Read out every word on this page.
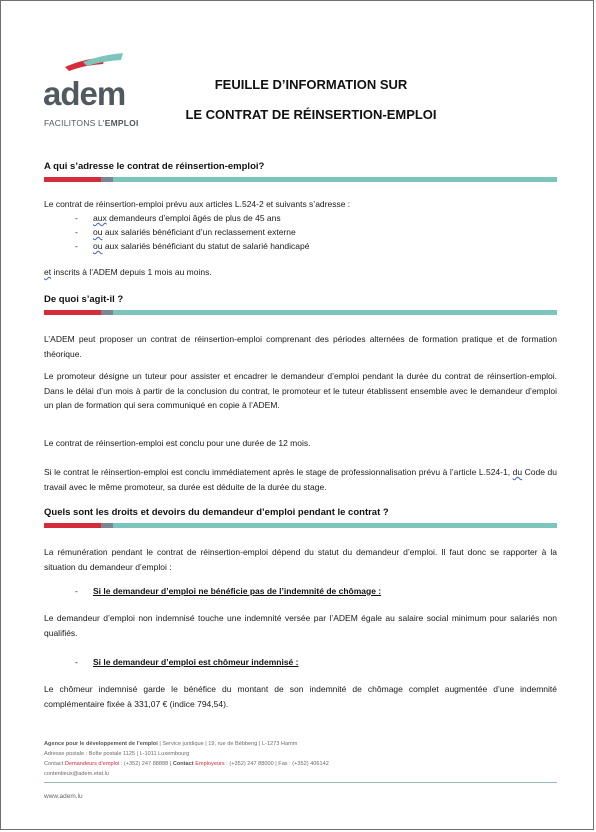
adem
FACILITONS L'EMPLOI
FEUILLE D’INFORMATION SUR
LE CONTRAT DE RÉINSERTION-EMPLOI
A qui s’adresse le contrat de réinsertion-emploi?
Le contrat de réinsertion-emploi prévu aux articles L.524-2 et suivants s’adresse :
- aux demandeurs d’emploi âgés de plus de 45 ans
- ou aux salariés bénéficiant d’un reclassement externe
- ou aux salariés bénéficiant du statut de salarié handicapé
et inscrits à l’ADEM depuis 1 mois au moins.
De quoi s’agit-il ?
L’ADEM peut proposer un contrat de réinsertion-emploi comprenant des périodes alternées de formation pratique et de formation théorique.
Le promoteur désigne un tuteur pour assister et encadrer le demandeur d’emploi pendant la durée du contrat de réinsertion-emploi. Dans le délai d’un mois à partir de la conclusion du contrat, le promoteur et le tuteur établissent ensemble avec le demandeur d’emploi un plan de formation qui sera communiqué en copie à l’ADEM.
Le contrat de réinsertion-emploi est conclu pour une durée de 12 mois.
Si le contrat le réinsertion-emploi est conclu immédiatement après le stage de professionnalisation prévu à l’article L.524-1, du Code du travail avec le même promoteur, sa durée est déduite de la durée du stage.
Quels sont les droits et devoirs du demandeur d’emploi pendant le contrat ?
La rémunération pendant le contrat de réinsertion-emploi dépend du statut du demandeur d’emploi. Il faut donc se rapporter à la situation du demandeur d’emploi :
- Si le demandeur d’emploi ne bénéficie pas de l’indemnité de chômage :
Le demandeur d’emploi non indemnisé touche une indemnité versée par l’ADEM égale au salaire social minimum pour salariés non qualifiés.
- Si le demandeur d’emploi est chômeur indemnisé :
Le chômeur indemnisé garde le bénéfice du montant de son indemnité de chômage complet augmentée d’une indemnité complémentaire fixée à 331,07 € (indice 794,54).
Agence pour le développement de l’emploi | Service juridique | 19, rue de Bébbeng | L-1273 Hamm
Adresse postale : Boîte postale 1125 | L-1011 Luxembourg
Contact Demandeurs d’emploi : (+352) 247 88888 | Contact Employeurs : (+352) 247 88000 | Fax : (+352) 406142
contentieux@adem.etat.lu
www.adem.lu
